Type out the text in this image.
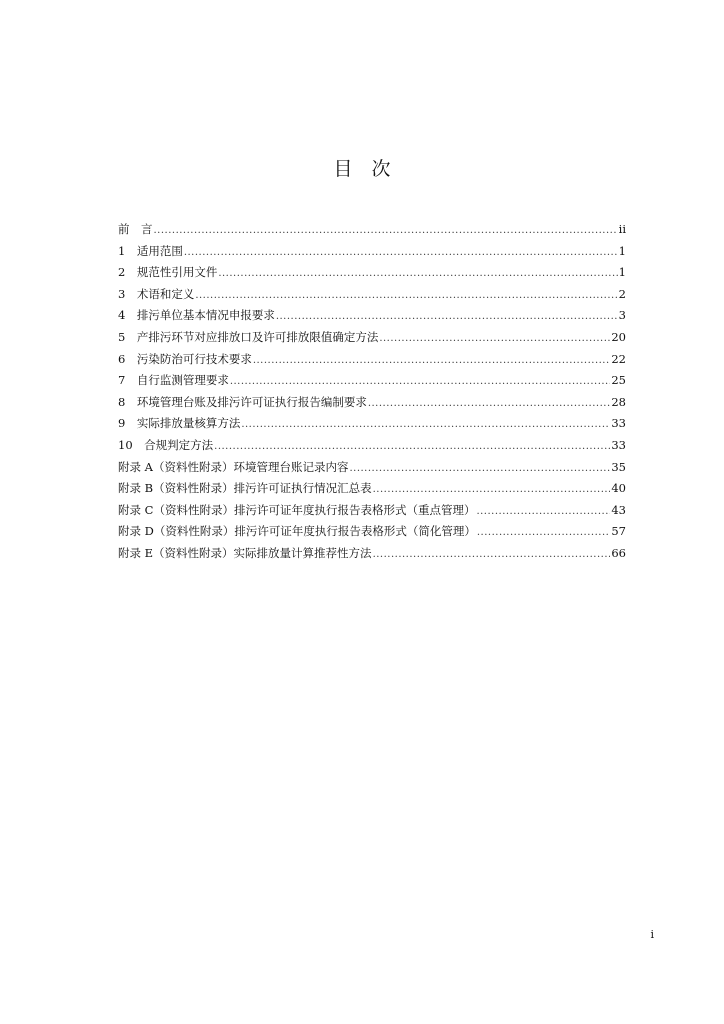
目　次
前　言 .....	ii
1　适用范围 .....	1
2　规范性引用文件 .....	1
3　术语和定义 .....	2
4　排污单位基本情况申报要求 .....	3
5　产排污环节对应排放口及许可排放限值确定方法 .....	20
6　污染防治可行技术要求 .....	22
7　自行监测管理要求 .....	25
8　环境管理台账及排污许可证执行报告编制要求 .....	28
9　实际排放量核算方法 .....	33
10　合规判定方法 .....	33
附录 A（资料性附录）环境管理台账记录内容 .....	35
附录 B（资料性附录）排污许可证执行情况汇总表 .....	40
附录 C（资料性附录）排污许可证年度执行报告表格形式（重点管理） .....	43
附录 D（资料性附录）排污许可证年度执行报告表格形式（简化管理） .....	57
附录 E（资料性附录）实际排放量计算推荐性方法 .....	66
i
